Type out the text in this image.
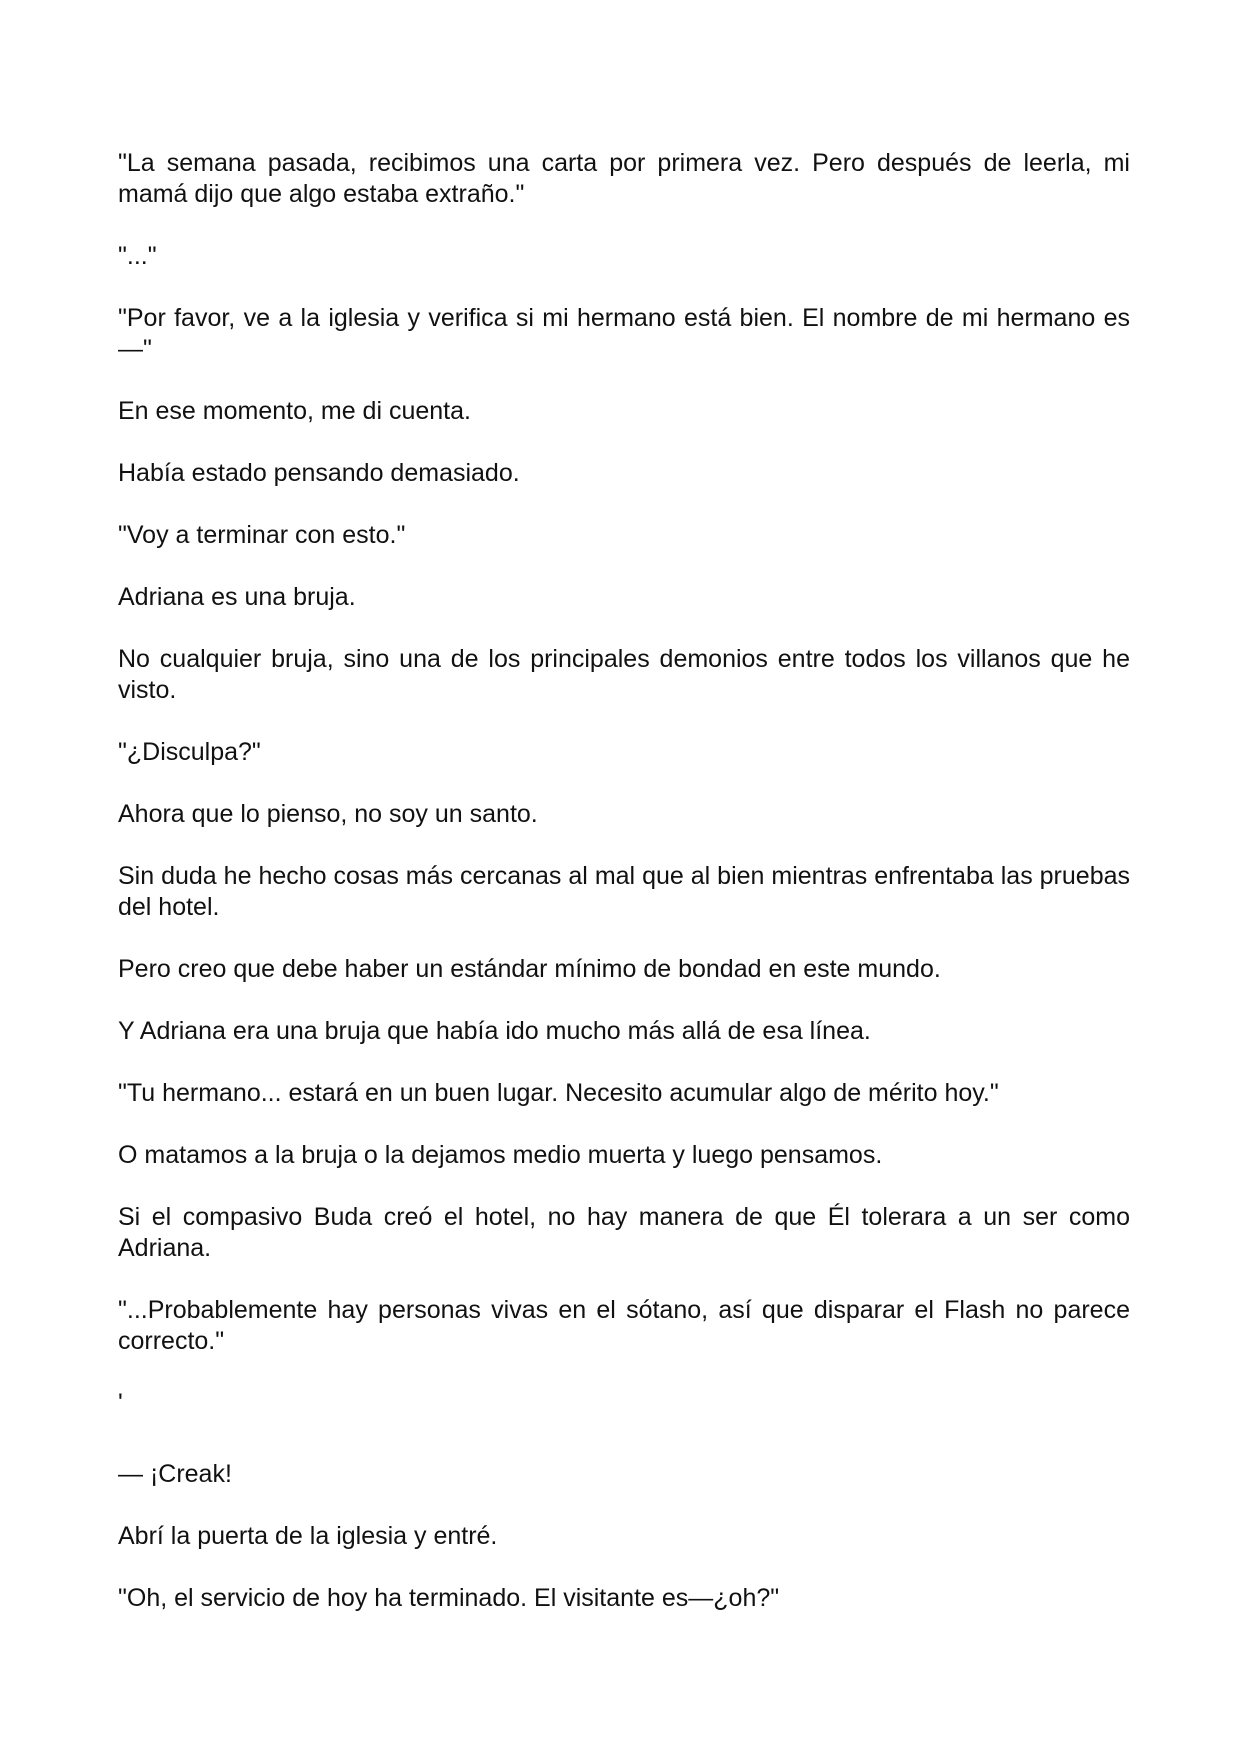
"La semana pasada, recibimos una carta por primera vez. Pero después de leerla, mi mamá dijo que algo estaba extraño."

"..."

"Por favor, ve a la iglesia y verifica si mi hermano está bien. El nombre de mi hermano es—"

En ese momento, me di cuenta.

Había estado pensando demasiado.

"Voy a terminar con esto."

Adriana es una bruja.

No cualquier bruja, sino una de los principales demonios entre todos los villanos que he visto.

"¿Disculpa?"

Ahora que lo pienso, no soy un santo.

Sin duda he hecho cosas más cercanas al mal que al bien mientras enfrentaba las pruebas del hotel.

Pero creo que debe haber un estándar mínimo de bondad en este mundo.

Y Adriana era una bruja que había ido mucho más allá de esa línea.

"Tu hermano... estará en un buen lugar. Necesito acumular algo de mérito hoy."

O matamos a la bruja o la dejamos medio muerta y luego pensamos.

Si el compasivo Buda creó el hotel, no hay manera de que Él tolerara a un ser como Adriana.

"...Probablemente hay personas vivas en el sótano, así que disparar el Flash no parece correcto."

'

— ¡Creak!

Abrí la puerta de la iglesia y entré.

"Oh, el servicio de hoy ha terminado. El visitante es—¿oh?"
